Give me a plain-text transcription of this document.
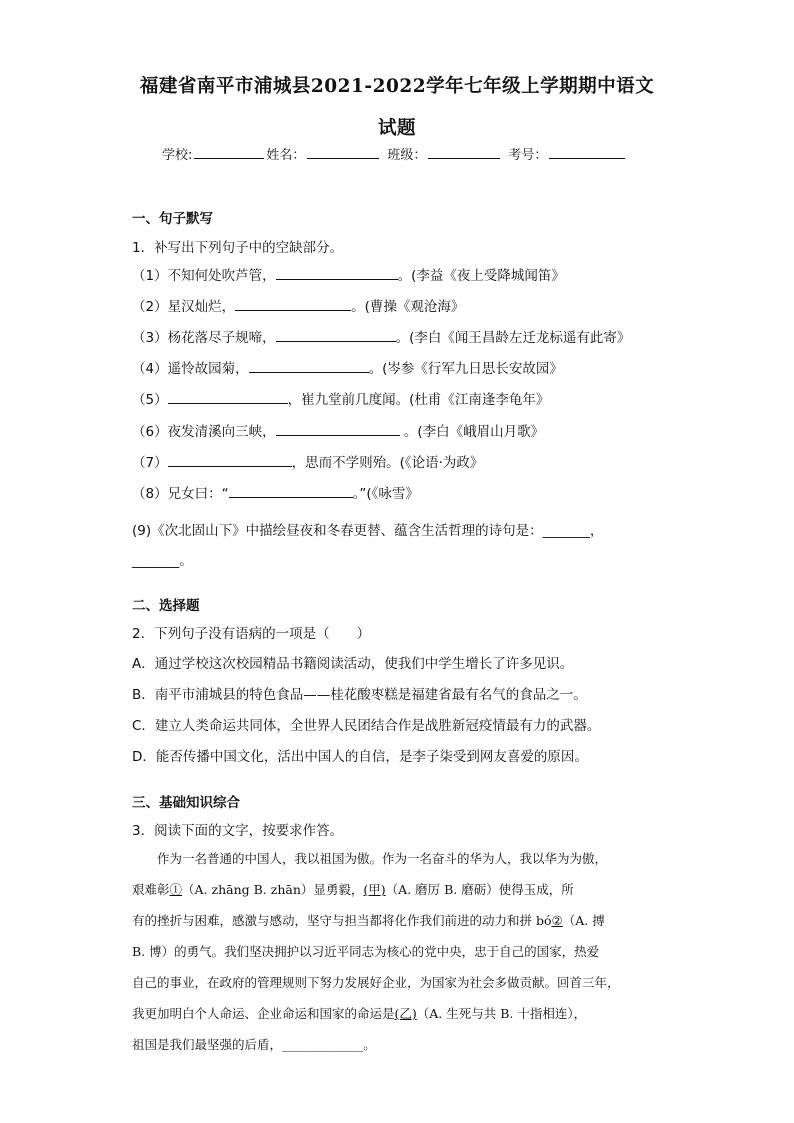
福建省南平市浦城县2021-2022学年七年级上学期期中语文
试题
学校:	姓名：	班级：	考号：
一、句子默写
1．补写出下列句子中的空缺部分。
（1）不知何处吹芦管，	。(李益《夜上受降城闻笛》
（2）星汉灿烂，	。(曹操《观沧海》
（3）杨花落尽子规啼，	。(李白《闻王昌龄左迁龙标遥有此寄》
（4）遥怜故园菊，	。(岑参《行军九日思长安故园》
（5）	，崔九堂前几度闻。(杜甫《江南逢李龟年》
（6）夜发清溪向三峡，	。(李白《峨眉山月歌》
（7）	，思而不学则殆。(《论语·为政》
（8）兄女曰：“	。”(《咏雪》
(9)《次北固山下》中描绘昼夜和冬春更替、蕴含生活哲理的诗句是：_______，
_______。
二、选择题
2．下列句子没有语病的一项是（　　）
A．通过学校这次校园精品书籍阅读活动，使我们中学生增长了许多见识。
B．南平市浦城县的特色食品——桂花酸枣糕是福建省最有名气的食品之一。
C．建立人类命运共同体，全世界人民团结合作是战胜新冠疫情最有力的武器。
D．能否传播中国文化，活出中国人的自信，是李子柒受到网友喜爱的原因。
三、基础知识综合
3．阅读下面的文字，按要求作答。
　　作为一名普通的中国人，我以祖国为傲。作为一名奋斗的华为人，我以华为为傲，
艰难彰①（A. zhāng B. zhān）显勇毅，(甲)（A. 磨厉 B. 磨砺）使得玉成，所
有的挫折与困难，感激与感动，坚守与担当都将化作我们前进的动力和拼 bó②（A. 搏
B. 博）的勇气。我们坚决拥护以习近平同志为核心的党中央，忠于自己的国家，热爱
自己的事业，在政府的管理规则下努力发展好企业，为国家为社会多做贡献。回首三年，
我更加明白个人命运、企业命运和国家的命运是(乙)（A. 生死与共 B. 十指相连），
祖国是我们最坚强的后盾，_____________。
